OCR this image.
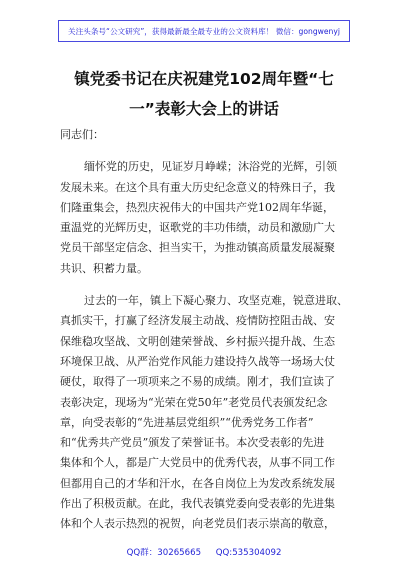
关注头条号“公文研究”，获得最新最全最专业的公文资料库！ 微信：gongwenyj
镇党委书记在庆祝建党102周年暨“七
一”表彰大会上的讲话
同志们：
缅怀党的历史，见证岁月峥嵘；沐浴党的光辉，引领
发展未来。在这个具有重大历史纪念意义的特殊日子，我
们隆重集会，热烈庆祝伟大的中国共产党102周年华诞，
重温党的光辉历史，讴歌党的丰功伟绩，动员和激励广大
党员干部坚定信念、担当实干，为推动镇高质量发展凝聚
共识、积蓄力量。
过去的一年，镇上下凝心聚力、攻坚克难，锐意进取、
真抓实干，打赢了经济发展主动战、疫情防控阻击战、安
保维稳攻坚战、文明创建荣誉战、乡村振兴提升战、生态
环境保卫战、从严治党作风能力建设持久战等一场场大仗
硬仗，取得了一项项来之不易的成绩。刚才，我们宣读了
表彰决定，现场为“光荣在党50年”老党员代表颁发纪念
章，向受表彰的“先进基层党组织”“优秀党务工作者”
和“优秀共产党员”颁发了荣誉证书。本次受表彰的先进
集体和个人，都是广大党员中的优秀代表，从事不同工作
但都用自己的才华和汗水，在各自岗位上为发改系统发展
作出了积极贡献。在此，我代表镇党委向受表彰的先进集
体和个人表示热烈的祝贺，向老党员们表示崇高的敬意，
QQ群：30265665 QQ:535304092
